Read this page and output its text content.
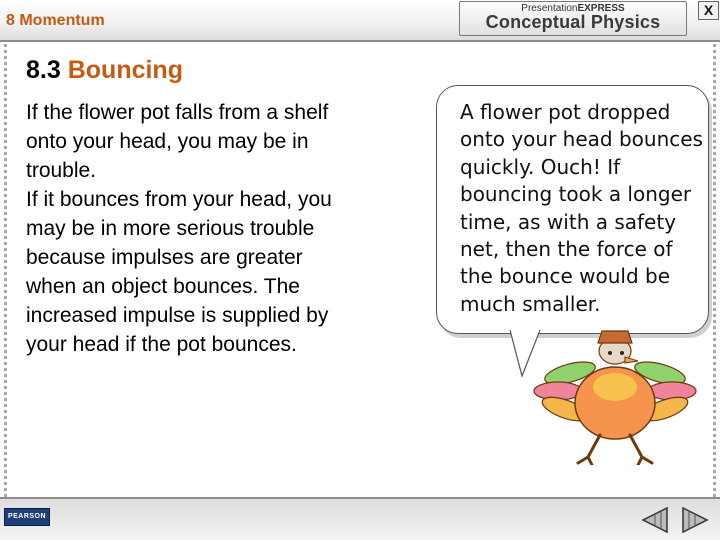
8 Momentum
PresentationEXPRESS
Conceptual Physics
X
8.3 Bouncing

If the flower pot falls from a shelf onto your head, you may be in trouble.

If it bounces from your head, you may be in more serious trouble because impulses are greater when an object bounces. The increased impulse is supplied by your head if the pot bounces.

A flower pot dropped onto your head bounces quickly. Ouch! If bouncing took a longer time, as with a safety net, then the force of the bounce would be much smaller.
PEARSON
